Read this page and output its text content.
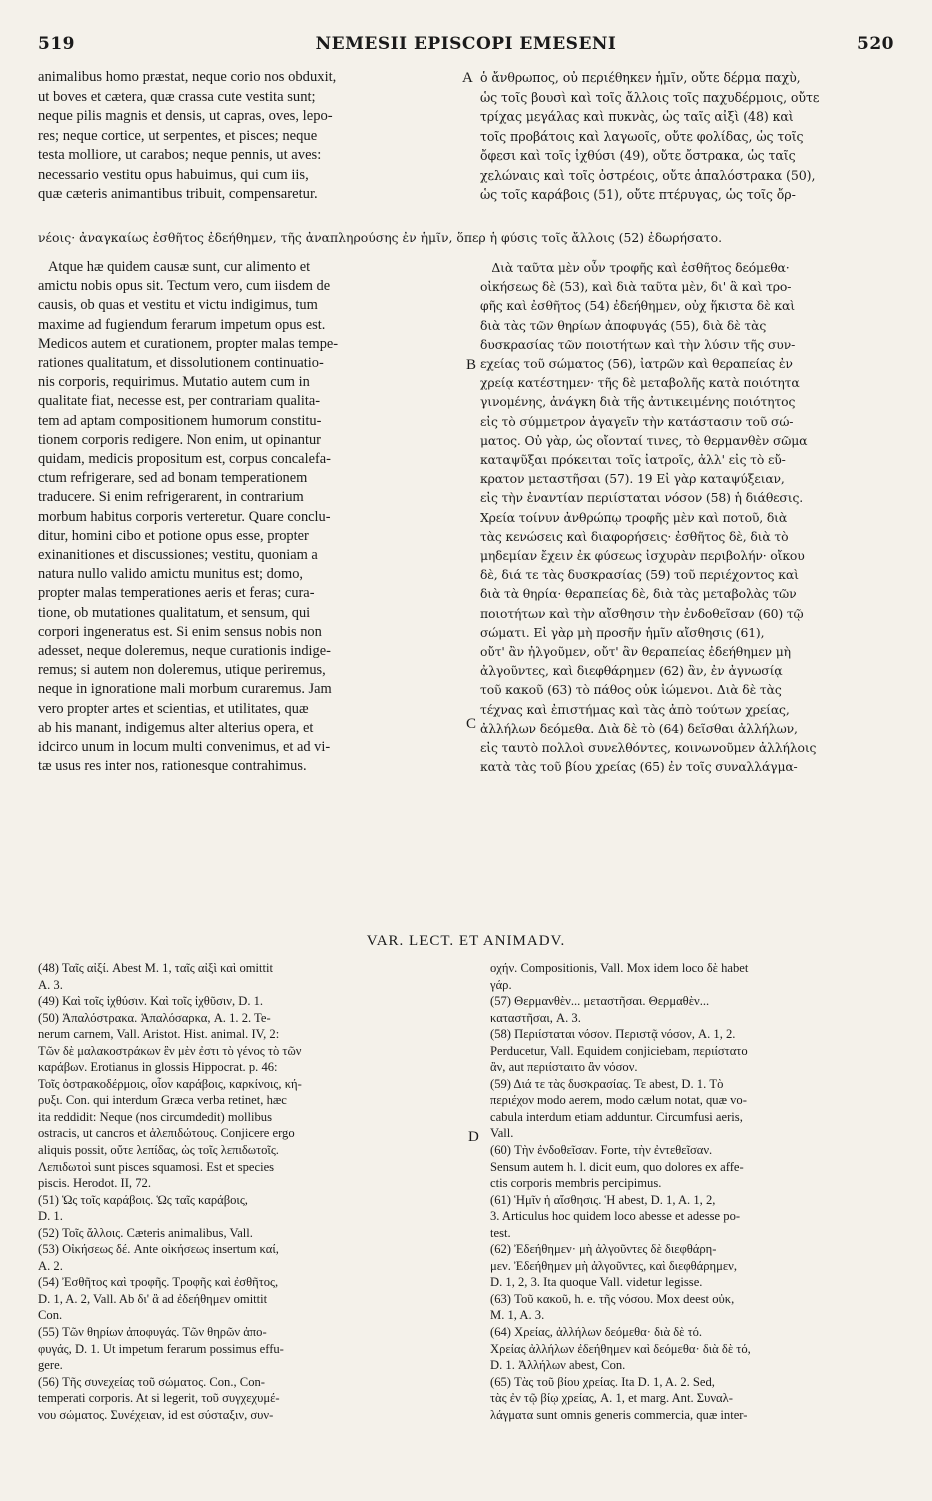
519	NEMESII EPISCOPI EMESENI	520
animalibus homo præstat, neque corio nos obduxit,
ut boves et cætera, quæ crassa cute vestita sunt;
neque pilis magnis et densis, ut capras, oves, lepo-
res; neque cortice, ut serpentes, et pisces; neque
testa molliore, ut carabos; neque pennis, ut aves:
necessario vestitu opus habuimus, qui cum iis,
quæ cæteris animantibus tribuit, compensaretur.
ὁ ἄνθρωπος, οὐ περιέθηκεν ἡμῖν, οὔτε δέρμα παχὺ,
ὡς τοῖς βουσὶ καὶ τοῖς ἄλλοις τοῖς παχυδέρμοις, οὔτε
τρίχας μεγάλας καὶ πυκνὰς, ὡς ταῖς αἰξὶ (48) καὶ
τοῖς προβάτοις καὶ λαγωοῖς, οὔτε φολίδας, ὡς τοῖς
ὄφεσι καὶ τοῖς ἰχθύσι (49), οὔτε ὄστρακα, ὡς ταῖς
χελώναις καὶ τοῖς ὀστρέοις, οὔτε ἁπαλόστρακα (50),
ὡς τοῖς καράβοις (51), οὔτε πτέρυγας, ὡς τοῖς ὄρ-
νέοις· ἀναγκαίως ἐσθῆτος ἐδεήθημεν, τῆς ἀναπληρούσης ἐν ἡμῖν, ὅπερ ἡ φύσις τοῖς ἄλλοις (52) ἐδωρήσατο.
Atque hæ quidem causæ sunt, cur alimento et
amictu nobis opus sit. Tectum vero, cum iisdem de
causis, ob quas et vestitu et victu indigimus, tum
maxime ad fugiendum ferarum impetum opus est.
Medicos autem et curationem, propter malas tempe-
rationes qualitatum, et dissolutionem continuatio-
nis corporis, requirimus. Mutatio autem cum in
qualitate fiat, necesse est, per contrariam qualita-
tem ad aptam compositionem humorum constitu-
tionem corporis redigere. Non enim, ut opinantur
quidam, medicis propositum est, corpus concalefa-
ctum refrigerare, sed ad bonam temperationem
traducere. Si enim refrigerarent, in contrarium
morbum habitus corporis verteretur. Quare conclu-
ditur, homini cibo et potione opus esse, propter
exinanitiones et discussiones; vestitu, quoniam a
natura nullo valido amictu munitus est; domo,
propter malas temperationes aeris et feras; cura-
tione, ob mutationes qualitatum, et sensum, qui
corpori ingeneratus est. Si enim sensus nobis non
adesset, neque doleremus, neque curationis indige-
remus; si autem non doleremus, utique periremus,
neque in ignoratione mali morbum curaremus. Jam
vero propter artes et scientias, et utilitates, quæ
ab his manant, indigemus alter alterius opera, et
idcirco unum in locum multi convenimus, et ad vi-
tæ usus res inter nos, rationesque contrahimus.
Διὰ ταῦτα μὲν οὖν τροφῆς καὶ ἐσθῆτος δεόμεθα·
οἰκήσεως δὲ (53), καὶ διὰ ταῦτα μὲν, δι' ἃ καὶ τρο-
φῆς καὶ ἐσθῆτος (54) ἐδεήθημεν, οὐχ ἥκιστα δὲ καὶ
διὰ τὰς τῶν θηρίων ἀποφυγάς (55), διὰ δὲ τὰς
δυσκρασίας τῶν ποιοτήτων καὶ τὴν λύσιν τῆς συν-
εχείας τοῦ σώματος (56), ἰατρῶν καὶ θεραπείας ἐν
χρείᾳ κατέστημεν· τῆς δὲ μεταβολῆς κατὰ ποιότητα
γινομένης, ἀνάγκη διὰ τῆς ἀντικειμένης ποιότητος
εἰς τὸ σύμμετρον ἀγαγεῖν τὴν κατάστασιν τοῦ σώ-
ματος. Οὐ γὰρ, ὡς οἴονταί τινες, τὸ θερμανθὲν σῶμα
καταψῦξαι πρόκειται τοῖς ἰατροῖς, ἀλλ' εἰς τὸ εὔ-
κρατον μεταστῆσαι (57). 19 Εἰ γὰρ καταψύξειαν,
εἰς τὴν ἐναντίαν περιίσταται νόσον (58) ἡ διάθεσις.
Χρεία τοίνυν ἀνθρώπῳ τροφῆς μὲν καὶ ποτοῦ, διὰ
τὰς κενώσεις καὶ διαφορήσεις· ἐσθῆτος δὲ, διὰ τὸ
μηδεμίαν ἔχειν ἐκ φύσεως ἰσχυρὰν περιβολήν· οἴκου
δὲ, διά τε τὰς δυσκρασίας (59) τοῦ περιέχοντος καὶ
διὰ τὰ θηρία· θεραπείας δὲ, διὰ τὰς μεταβολὰς τῶν
ποιοτήτων καὶ τὴν αἴσθησιν τὴν ἐνδοθεῖσαν (60) τῷ
σώματι. Εἰ γὰρ μὴ προσῆν ἡμῖν αἴσθησις (61),
οὔτ' ἂν ἠλγοῦμεν, οὔτ' ἂν θεραπείας ἐδεήθημεν μὴ
ἀλγοῦντες, καὶ διεφθάρημεν (62) ἂν, ἐν ἀγνωσίᾳ
τοῦ κακοῦ (63) τὸ πάθος οὐκ ἰώμενοι. Διὰ δὲ τὰς
τέχνας καὶ ἐπιστήμας καὶ τὰς ἀπὸ τούτων χρείας,
ἀλλήλων δεόμεθα. Διὰ δὲ τὸ (64) δεῖσθαι ἀλλήλων,
εἰς ταυτὸ πολλοὶ συνελθόντες, κοινωνοῦμεν ἀλλήλοις
κατὰ τὰς τοῦ βίου χρείας (65) ἐν τοῖς συναλλάγμα-
A
B
C
D
VAR. LECT. ET ANIMADV.
(48) Ταῖς αἰξί. Abest M. 1, ταῖς αἰξὶ καὶ omittit
A. 3.
(49) Καὶ τοῖς ἰχθύσιν. Καὶ τοῖς ἰχθῦσιν, D. 1.
(50) Ἁπαλόστρακα. Ἁπαλόσαρκα, A. 1. 2. Te-
nerum carnem, Vall. Aristot. Hist. animal. IV, 2:
Τῶν δὲ μαλακοστράκων ἓν μὲν ἐστι τὸ γένος τὸ τῶν
καράβων. Erotianus in glossis Hippocrat. p. 46:
Τοῖς ὀστρακοδέρμοις, οἷον καράβοις, καρκίνοις, κή-
ρυξι. Con. qui interdum Græca verba retinet, hæc
ita reddidit: Neque (nos circumdedit) mollibus
ostracis, ut cancros et ἀλεπιδώτους. Conjicere ergo
aliquis possit, οὔτε λεπίδας, ὡς τοῖς λεπιδωτοῖς.
Λεπιδωτοὶ sunt pisces squamosi. Est et species
piscis. Herodot. II, 72.
(51) Ὡς τοῖς καράβοις. Ὡς ταῖς καράβοις,
D. 1.
(52) Τοῖς ἄλλοις. Cæteris animalibus, Vall.
(53) Οἰκήσεως δέ. Ante οἰκήσεως insertum καί,
A. 2.
(54) Ἐσθῆτος καὶ τροφῆς. Τροφῆς καὶ ἐσθῆτος,
D. 1, A. 2, Vall. Ab δι' ἃ ad ἐδεήθημεν omittit
Con.
(55) Τῶν θηρίων ἀποφυγάς. Τῶν θηρῶν ἀπο-
φυγάς, D. 1. Ut impetum ferarum possimus effu-
gere.
(56) Τῆς συνεχείας τοῦ σώματος. Con., Con-
temperati corporis. At si legerit, τοῦ συγχεχυμέ-
νου σώματος. Συνέχειαν, id est σύσταξιν, συν-
οχήν. Compositionis, Vall. Mox idem loco δὲ habet
γάρ.
(57) Θερμανθὲν... μεταστῆσαι. Θερμαθὲν...
καταστῆσαι, A. 3.
(58) Περιίσταται νόσον. Περιστᾷ νόσον, A. 1, 2.
Perducetur, Vall. Equidem conjiciebam, περιίστατο
ἂν, aut περιίσταιτο ἂν νόσον.
(59) Διά τε τὰς δυσκρασίας. Τε abest, D. 1. Τὸ
περιέχον modo aerem, modo cælum notat, quæ vo-
cabula interdum etiam adduntur. Circumfusi aeris,
Vall.
(60) Τὴν ἐνδοθεῖσαν. Forte, τὴν ἐντεθεῖσαν.
Sensum autem h. l. dicit eum, quo dolores ex affe-
ctis corporis membris percipimus.
(61) Ἡμῖν ἡ αἴσθησις. Ἡ abest, D. 1, A. 1, 2,
3. Articulus hoc quidem loco abesse et adesse po-
test.
(62) Ἐδεήθημεν· μὴ ἀλγοῦντες δὲ διεφθάρη-
μεν. Ἐδεήθημεν μὴ ἀλγοῦντες, καὶ διεφθάρημεν,
D. 1, 2, 3. Ita quoque Vall. videtur legisse.
(63) Τοῦ κακοῦ, h. e. τῆς νόσου. Mox deest οὐκ,
M. 1, A. 3.
(64) Χρείας, ἀλλήλων δεόμεθα· διὰ δὲ τό.
Χρείας ἀλλήλων ἐδεήθημεν καὶ δεόμεθα· διὰ δὲ τό,
D. 1. Ἀλλήλων abest, Con.
(65) Τὰς τοῦ βίου χρείας. Ita D. 1, A. 2. Sed,
τὰς ἐν τῷ βίῳ χρείας, A. 1, et marg. Ant. Συναλ-
λάγματα sunt omnis generis commercia, quæ inter-
